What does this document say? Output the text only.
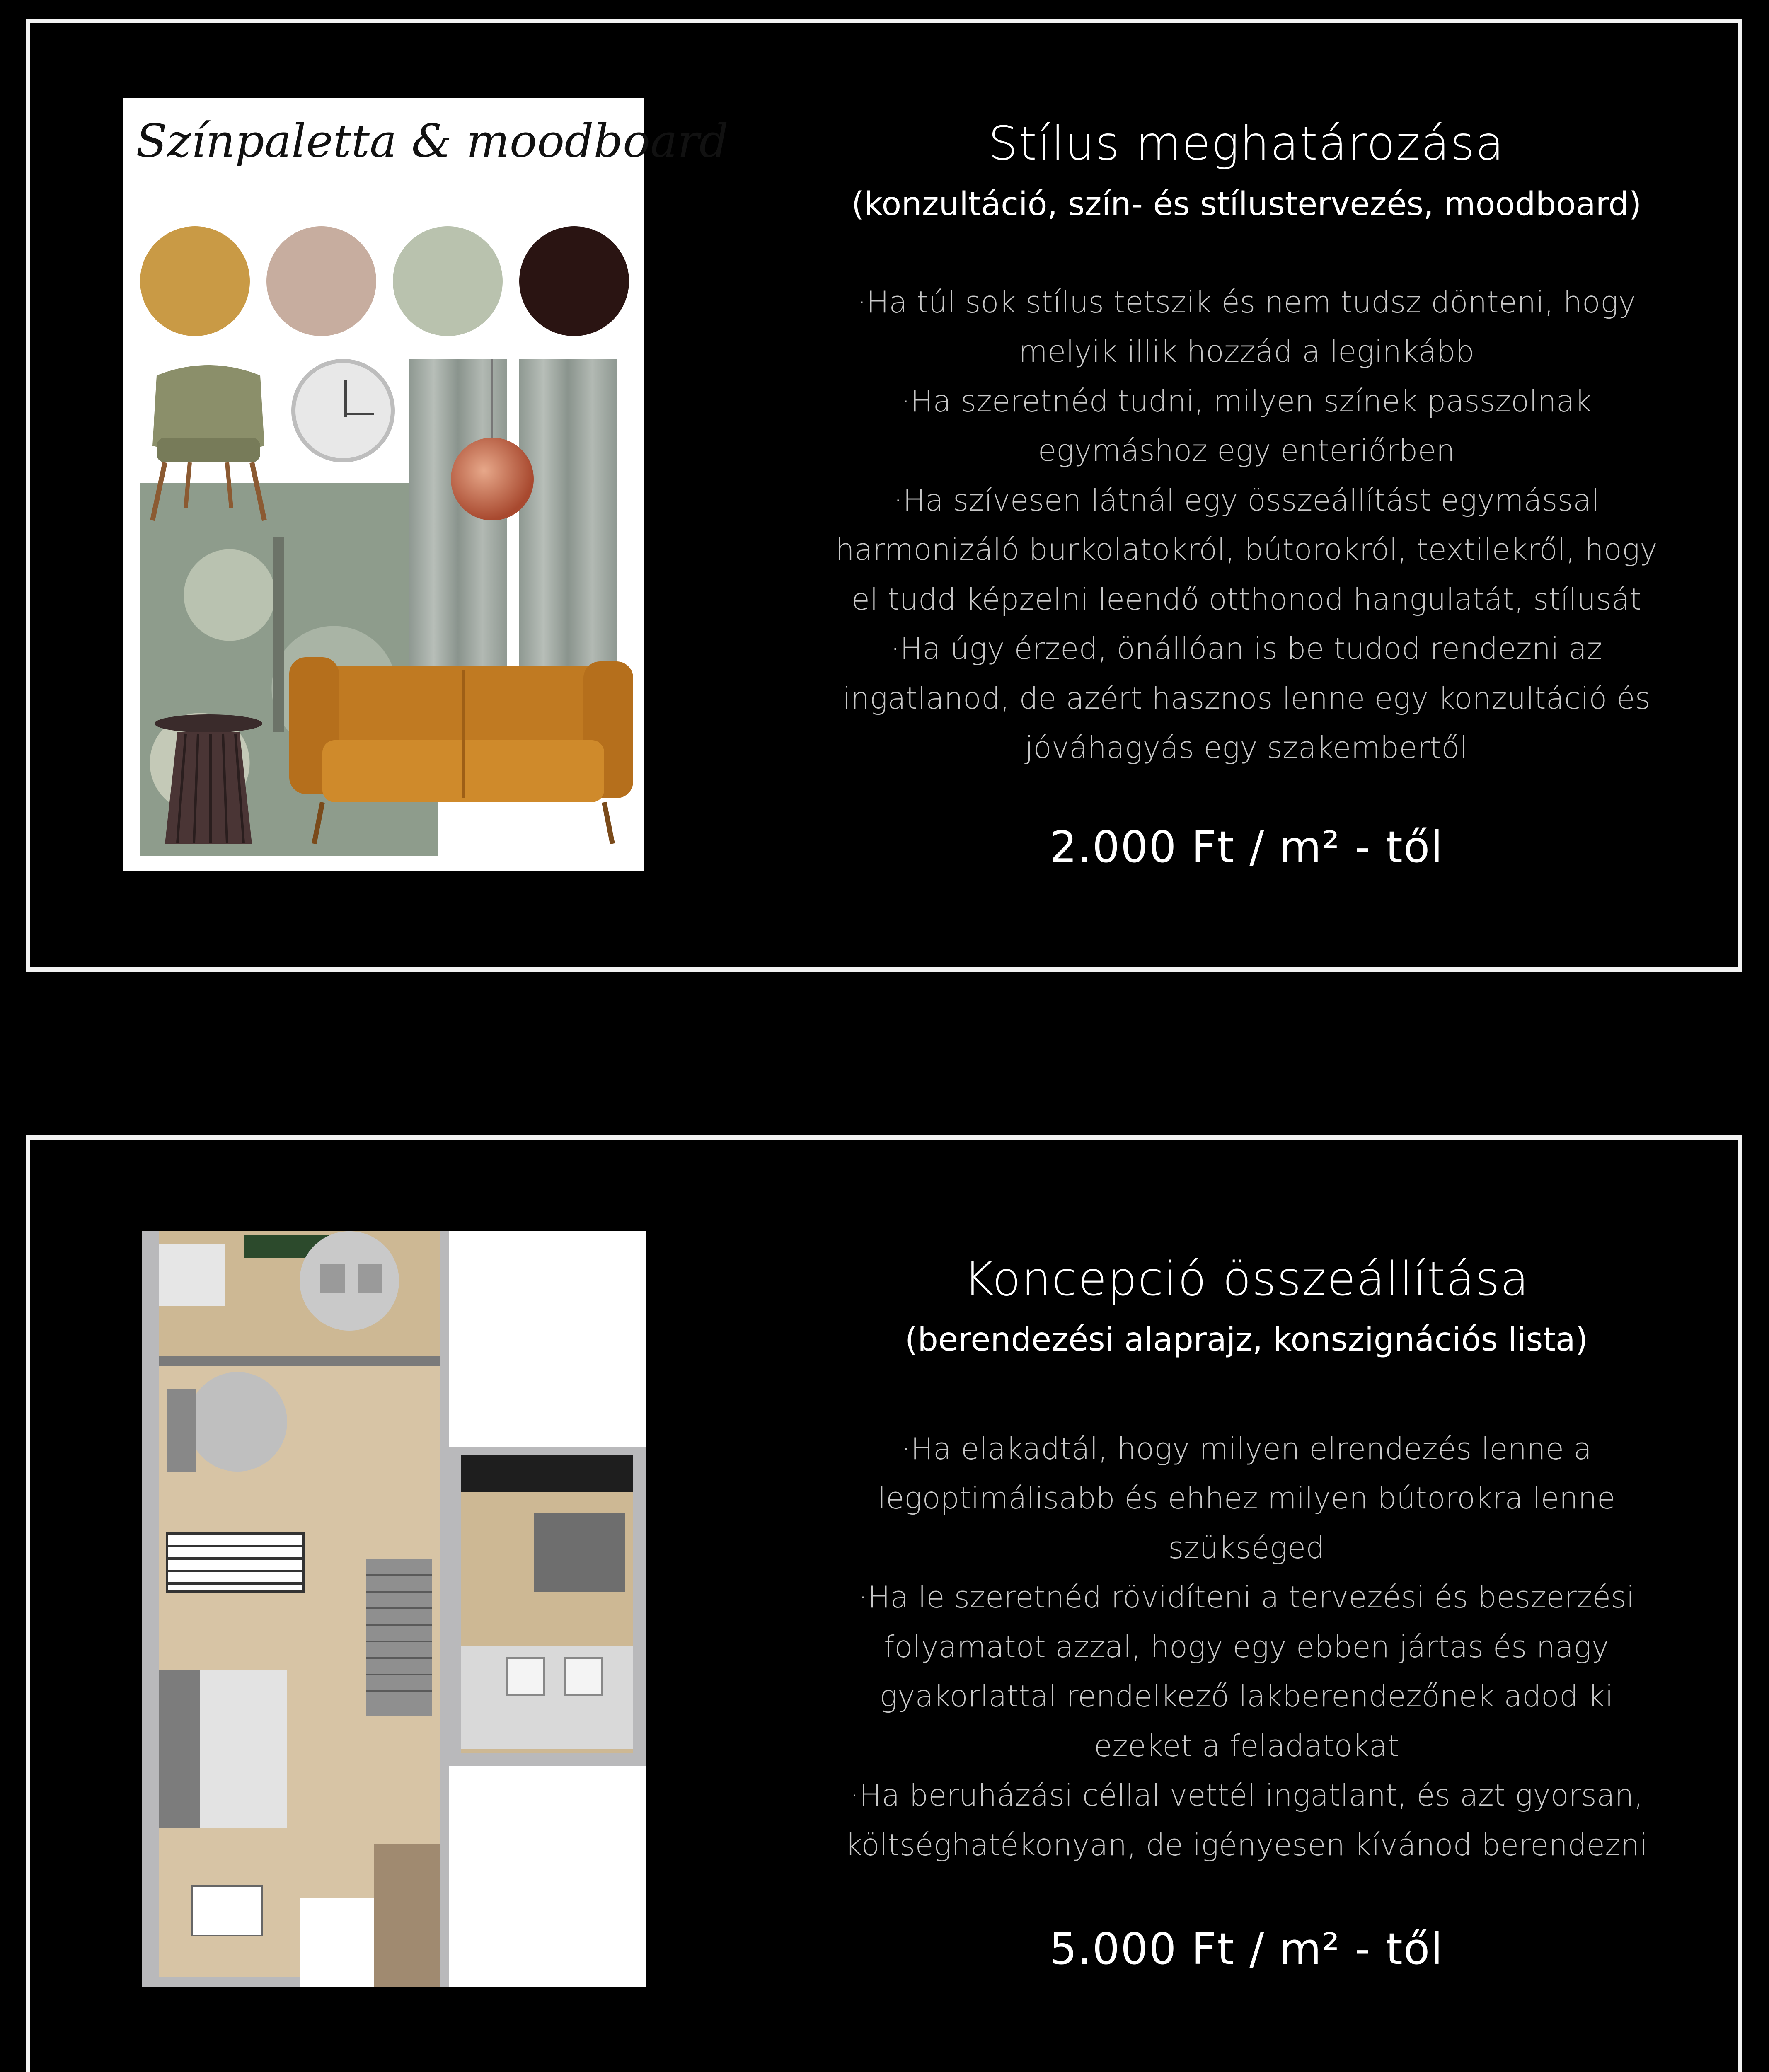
Színpaletta & moodboard	Stílus meghatározása
(konzultáció, szín- és stílustervezés, moodboard)
·Ha túl sok stílus tetszik és nem tudsz dönteni, hogy
melyik illik hozzád a leginkább
·Ha szeretnéd tudni, milyen színek passzolnak
egymáshoz egy enteriőrben
·Ha szívesen látnál egy összeállítást egymással
harmonizáló burkolatokról, bútorokról, textilekről, hogy
el tudd képzelni leendő otthonod hangulatát, stílusát
·Ha úgy érzed, önállóan is be tudod rendezni az
ingatlanod, de azért hasznos lenne egy konzultáció és
jóváhagyás egy szakembertől
2.000 Ft / m² - től
Koncepció összeállítása
(berendezési alaprajz, konszignációs lista)
·Ha elakadtál, hogy milyen elrendezés lenne a
legoptimálisabb és ehhez milyen bútorokra lenne
szükséged
·Ha le szeretnéd rövidíteni a tervezési és beszerzési
folyamatot azzal, hogy egy ebben jártas és nagy
gyakorlattal rendelkező lakberendezőnek adod ki
ezeket a feladatokat
·Ha beruházási céllal vettél ingatlant, és azt gyorsan,
költséghatékonyan, de igényesen kívánod berendezni
5.000 Ft / m² - től
